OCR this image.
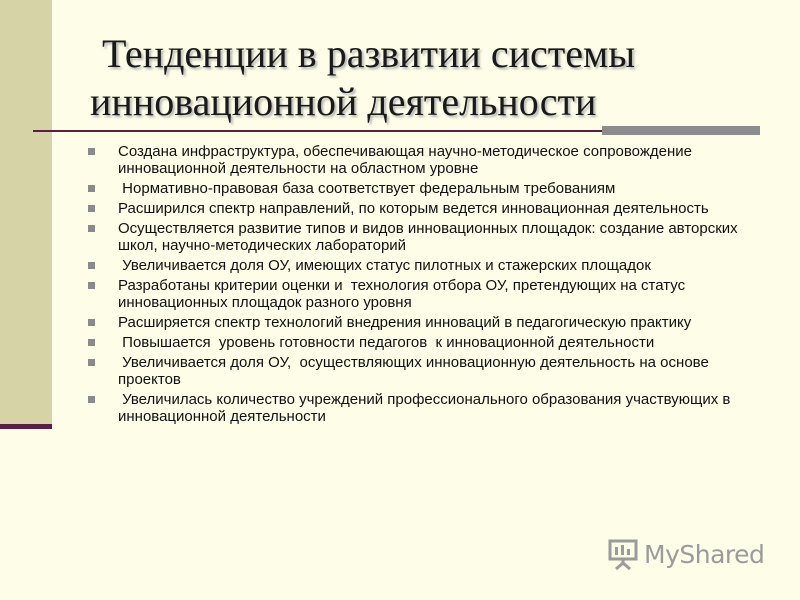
Тенденции в развитии системы
инновационной деятельности
Создана инфраструктура, обеспечивающая научно-методическое сопровождение  инновационной деятельности на областном уровне
Нормативно-правовая база соответствует федеральным требованиям
Расширился спектр направлений, по которым ведется инновационная деятельность
Осуществляется развитие типов и видов инновационных площадок: создание авторских школ, научно-методических лабораторий
Увеличивается доля ОУ, имеющих статус пилотных и стажерских площадок
Разработаны критерии оценки и  технология отбора ОУ, претендующих на статус инновационных площадок разного уровня
Расширяется спектр технологий внедрения инноваций в педагогическую практику
Повышается  уровень готовности педагогов  к инновационной деятельности
Увеличивается доля ОУ,  осуществляющих инновационную деятельность на основе проектов
Увеличилась количество учреждений профессионального образования участвующих в инновационной деятельности
MyShared
